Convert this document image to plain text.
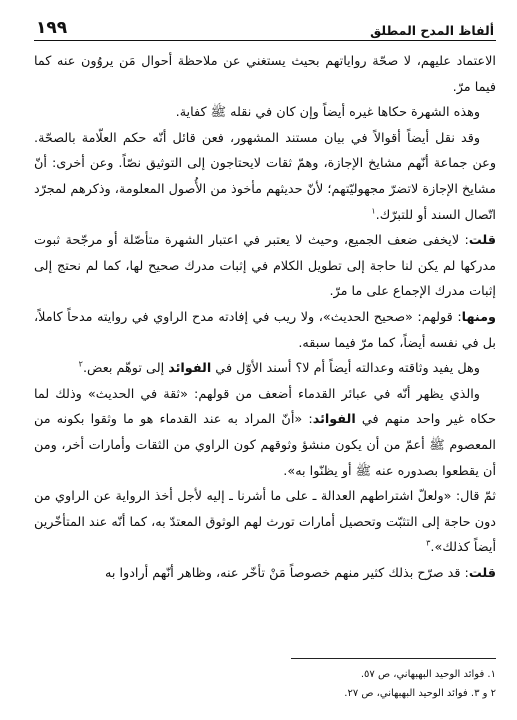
ألفاظ المدح المطلق
١٩٩

الاعتماد عليهم، لا صحّة رواياتهم بحيث يستغني عن ملاحظة أحوال مَن يروُون عنه كما فيما مرّ.

وهذه الشهرة حكاها غيره أيضاً وإن كان في نقله ﷺ كفاية.

وقد نقل أيضاً أقوالاً في بيان مستند المشهور، فعن قائل أنّه حكم العلّامة بالصحّة. وعن جماعة أنّهم مشايخ الإجازة، وهمّ ثقات لايحتاجون إلى التوثيق نصّاً. وعن أخرى: أنّ مشايخ الإجازة لاتضرّ مجهوليّتهم؛ لأنّ حديثهم مأخوذ من الأُصول المعلومة، وذكرهم لمجرّد اتّصال السند أو للتبرّك.$^١$

قلت: لايخفى ضعف الجميع، وحيث لا يعتبر في اعتبار الشهرة متأصّلة أو مرجّحة ثبوت مدركها لم يكن لنا حاجة إلى تطويل الكلام في إثبات مدرك صحيح لها، كما لم نحتج إلى إثبات مدرك الإجماع على ما مرّ.

ومنها: قولهم: «صحيح الحديث»، ولا ريب في إفادته مدح الراوي في روايته مدحاً كاملاً، بل في نفسه أيضاً، كما مرّ فيما سبقه.

وهل يفيد وثاقته وعدالته أيضاً أم لا؟ أسند الأوّل في الفوائد إلى توهّم بعض.$^٢$

والذي يظهر أنّه في عبائر القدماء أضعف من قولهم: «ثقة في الحديث» وذلك لما حكاه غير واحد منهم في الفوائد: «أنّ المراد به عند القدماء هو ما وثقوا بكونه من المعصوم ﷺ أعمّ من أن يكون منشؤ وثوقهم كون الراوي من الثقات وأمارات أخر، ومن أن يقطعوا بصدوره عنه ﷺ أو يظنّوا به».

ثمّ قال: «ولعلّ اشتراطهم العدالة ـ على ما أشرنا ـ إليه لأجل أخذ الرواية عن الراوي من دون حاجة إلى التثبّت وتحصيل أمارات تورث لهم الوثوق المعتدّ به، كما أنّه عند المتأخّرين أيضاً كذلك».$^٣$

قلت: قد صرّح بذلك كثير منهم خصوصاً مَنْ تأخّر عنه، وظاهر أنّهم أرادوا به

١. فوائد الوحيد البهبهاني، ص ٥٧.
٢ و ٣. فوائد الوحيد البهبهاني، ص ٢٧.
